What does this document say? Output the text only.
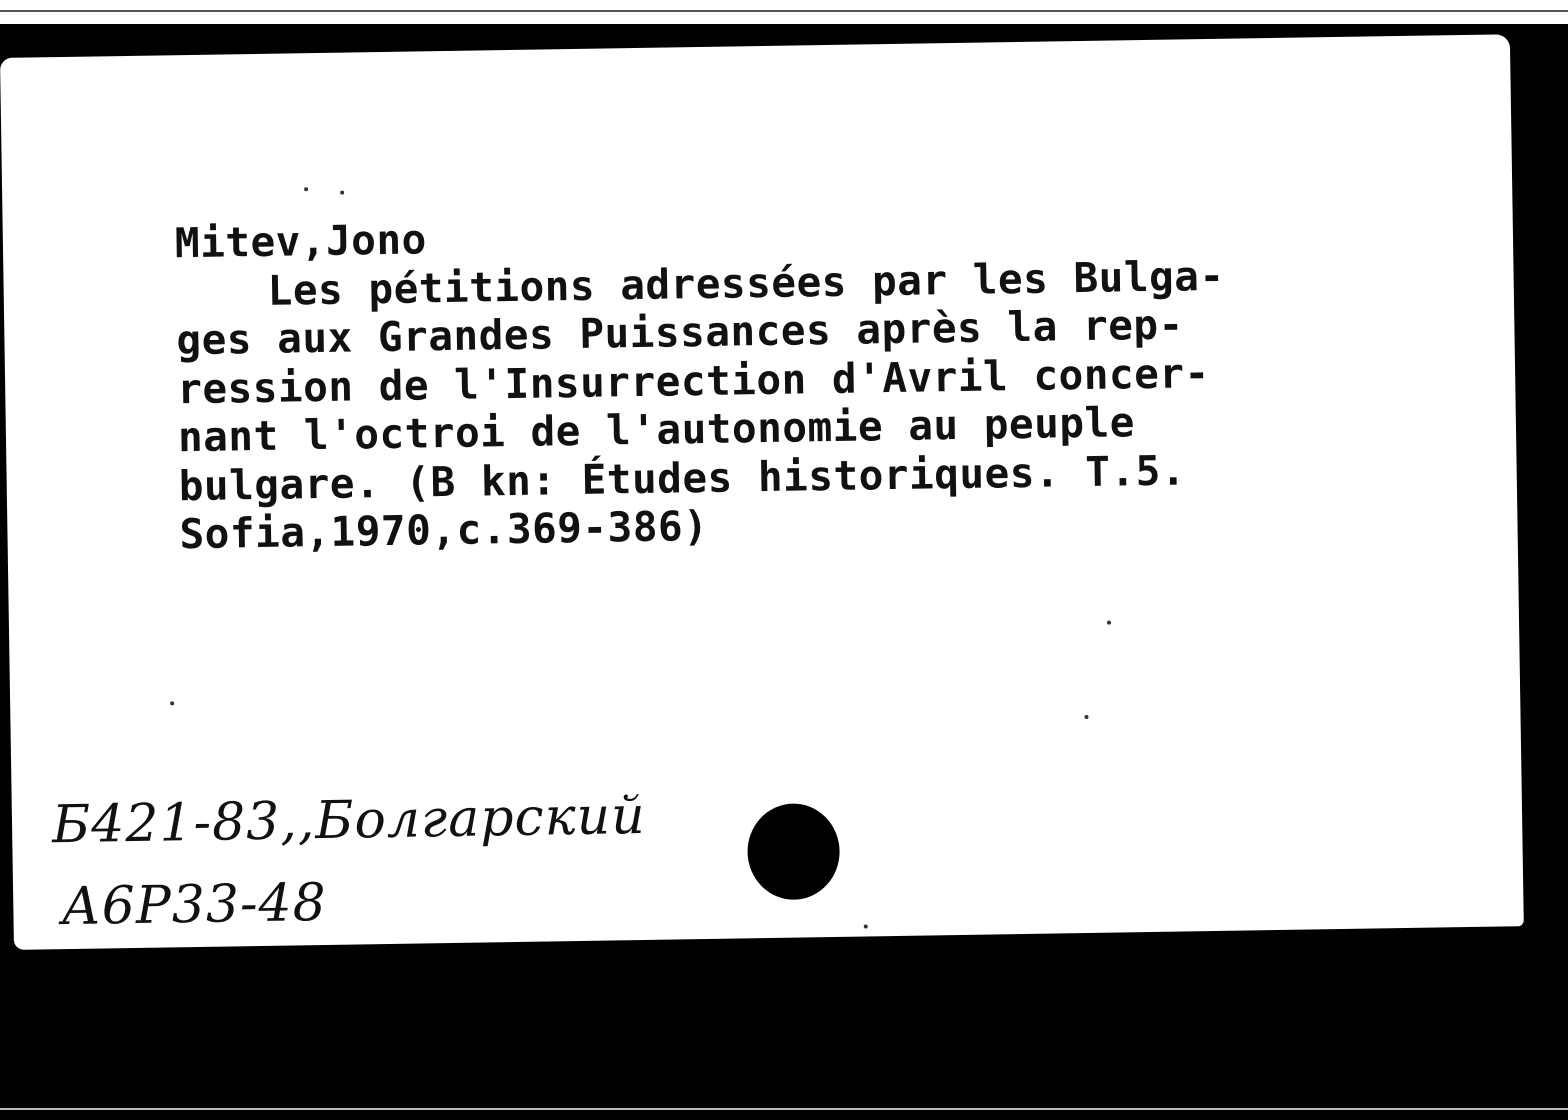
Mitev,Jono
Les pétitions adressées par les Bulga-
ges aux Grandes Puissances après la rep-
ression de l'Insurrection d'Avril concer-
nant l'octroi de l'autonomie au peuple
bulgare. (B kn: Études historiques. T.5.
Sofia,1970,c.369-386)
Б421-83,,Болгарский
А6Р33-48
